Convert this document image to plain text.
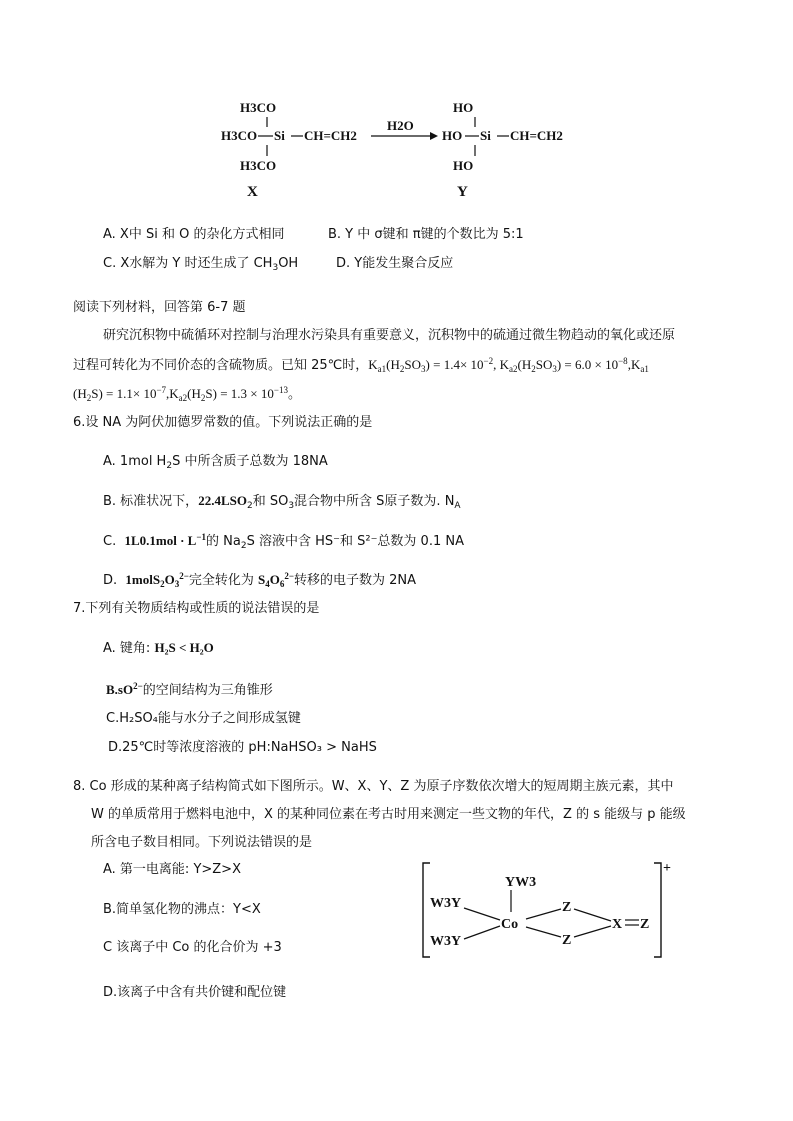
H3CO
H3CO Si CH=CH2
H3CO
X
H2O
HO
HO Si CH=CH2
HO
Y
A. X中 Si 和 O 的杂化方式相同	B. Y 中 σ键和 π键的个数比为 5:1
C. X水解为 Y 时还生成了 $CH_3OH$	D. Y能发生聚合反应
阅读下列材料，回答第 6-7 题
研究沉积物中硫循环对控制与治理水污染具有重要意义，沉积物中的硫通过微生物趋动的氧化或还原
过程可转化为不同价态的含硫物质。已知 25℃时，$K_{a1}(H_2SO_3) = 1.4\times 10^{-2}$, $K_{a2}(H_2SO_3) = 6.0 \times 10^{-8},K_{a1}$
$(H_2S) = 1.1\times 10^{-7},K_{a2}(H_2S) = 1.3 \times 10^{-13}$。
6.设 NA 为阿伏加德罗常数的值。下列说法正确的是
A. 1mol $H_2S$ 中所含质子总数为 18NA
B. 标准状况下，$22.4LSO_2$和 $SO_3$混合物中所含 S原子数为. $N_A$
C. $1L0.1mol \cdot L^{-1}$的 $Na_2S$ 溶液中含 HS⁻和 S²⁻总数为 0.1 NA
D. $1molS_2O_3^{2-}$完全转化为 $S_4O_6^{2-}$转移的电子数为 2NA
7.下列有关物质结构或性质的说法错误的是
A. 键角: H₂S < H₂O
$B.sO^{2-}$的空间结构为三角锥形
C.H₂SO₄能与水分子之间形成氢键
D.25℃时等浓度溶液的 pH:NaHSO₃ > NaHS
8. Co 形成的某种离子结构简式如下图所示。W、X、Y、Z 为原子序数依次增大的短周期主族元素，其中
W 的单质常用于燃料电池中，X 的某种同位素在考古时用来测定一些文物的年代，Z 的 s 能级与 p 能级
所含电子数目相同。下列说法错误的是
A. 第一电离能: Y>Z>X
B.简单氢化物的沸点：Y<X
C 该离子中 Co 的化合价为 +3
D.该离子中含有共价键和配位键
+
YW3
W3Y
W3Y
Co
Z
Z
X Z
